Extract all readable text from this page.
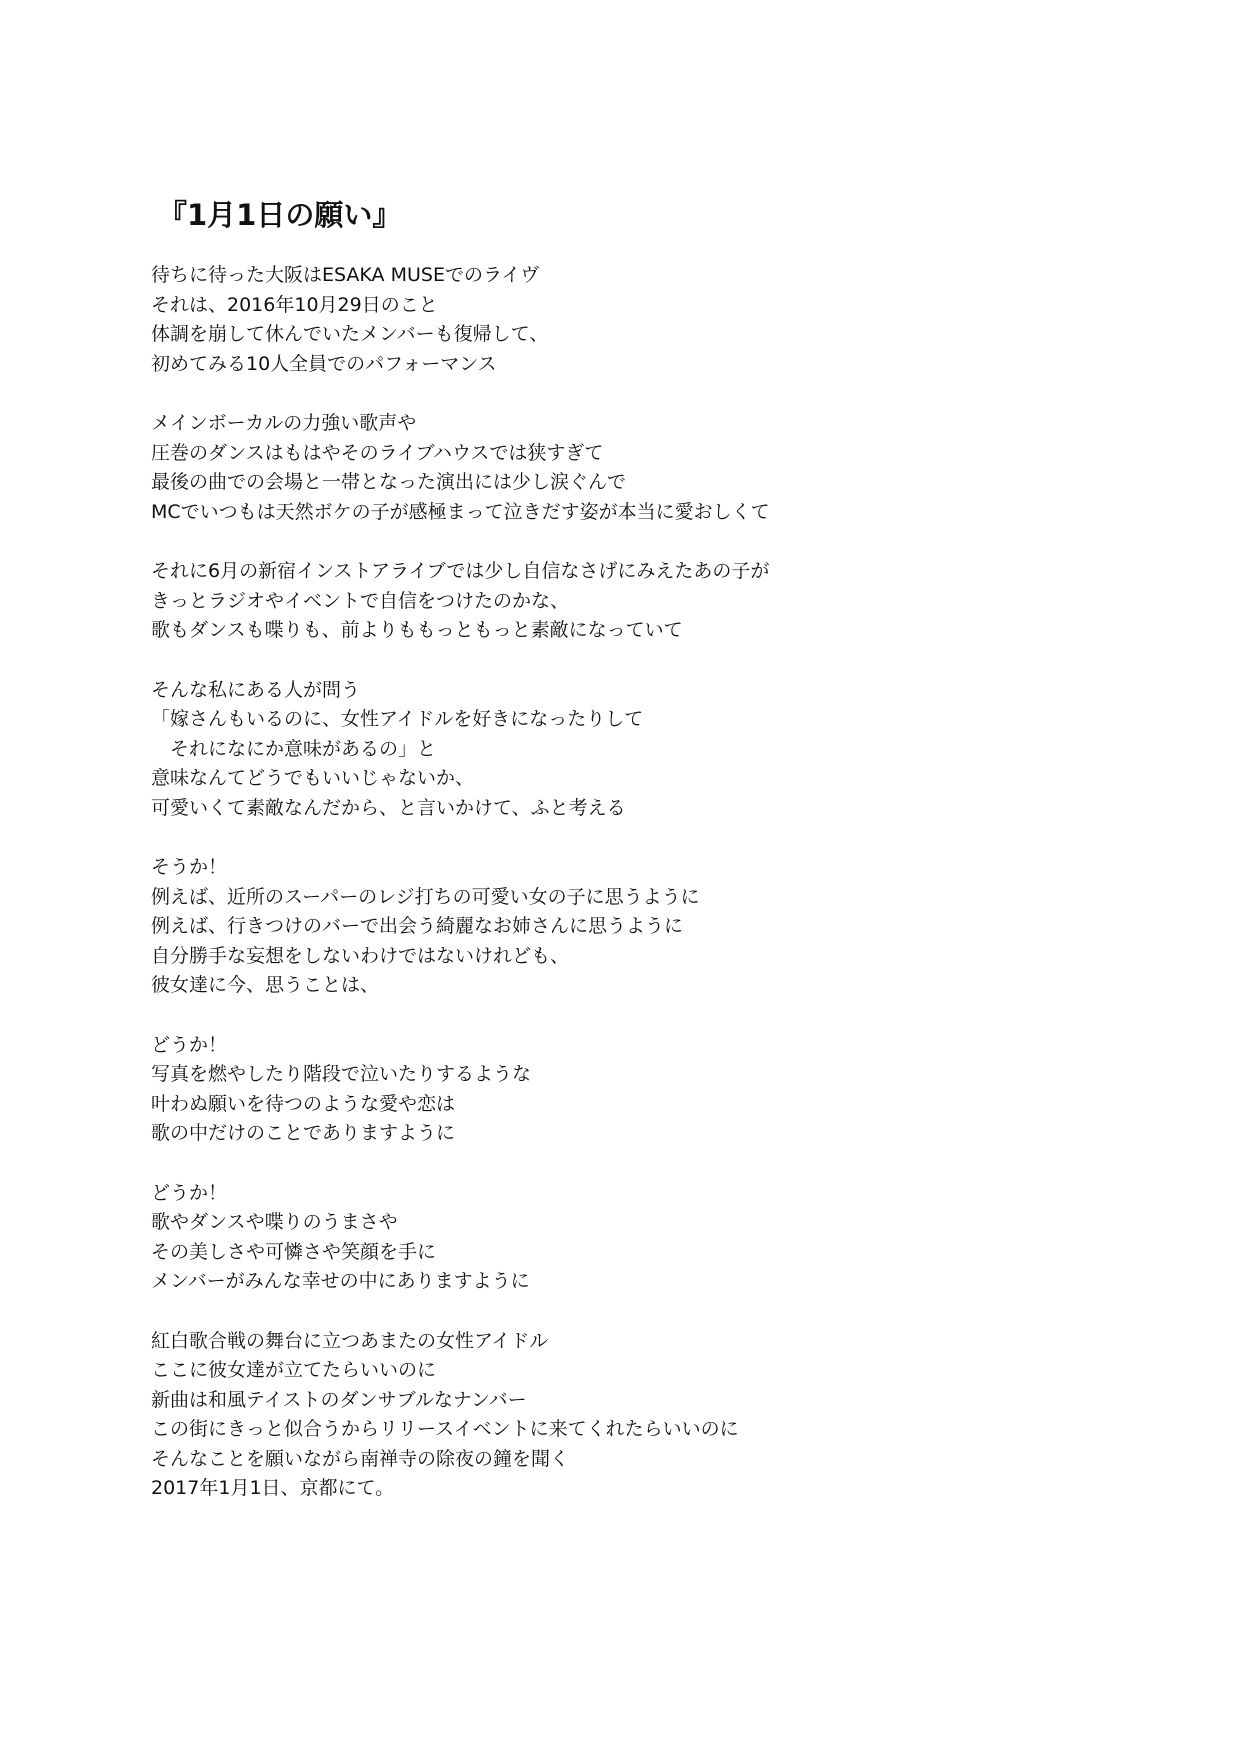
『1月1日の願い』
待ちに待った大阪はESAKA MUSEでのライヴ
それは、2016年10月29日のこと
体調を崩して休んでいたメンバーも復帰して、
初めてみる10人全員でのパフォーマンス
メインボーカルの力強い歌声や
圧巻のダンスはもはやそのライブハウスでは狭すぎて
最後の曲での会場と一帯となった演出には少し涙ぐんで
MCでいつもは天然ボケの子が感極まって泣きだす姿が本当に愛おしくて
それに6月の新宿インストアライブでは少し自信なさげにみえたあの子が
きっとラジオやイベントで自信をつけたのかな、
歌もダンスも喋りも、前よりももっともっと素敵になっていて
そんな私にある人が問う
「嫁さんもいるのに、女性アイドルを好きになったりして
　それになにか意味があるの」と
意味なんてどうでもいいじゃないか、
可愛いくて素敵なんだから、と言いかけて、ふと考える
そうか！
例えば、近所のスーパーのレジ打ちの可愛い女の子に思うように
例えば、行きつけのバーで出会う綺麗なお姉さんに思うように
自分勝手な妄想をしないわけではないけれども、
彼女達に今、思うことは、
どうか！
写真を燃やしたり階段で泣いたりするような
叶わぬ願いを待つのような愛や恋は
歌の中だけのことでありますように
どうか！
歌やダンスや喋りのうまさや
その美しさや可憐さや笑顔を手に
メンバーがみんな幸せの中にありますように
紅白歌合戦の舞台に立つあまたの女性アイドル
ここに彼女達が立てたらいいのに
新曲は和風テイストのダンサブルなナンバー
この街にきっと似合うからリリースイベントに来てくれたらいいのに
そんなことを願いながら南禅寺の除夜の鐘を聞く
2017年1月1日、京都にて。
